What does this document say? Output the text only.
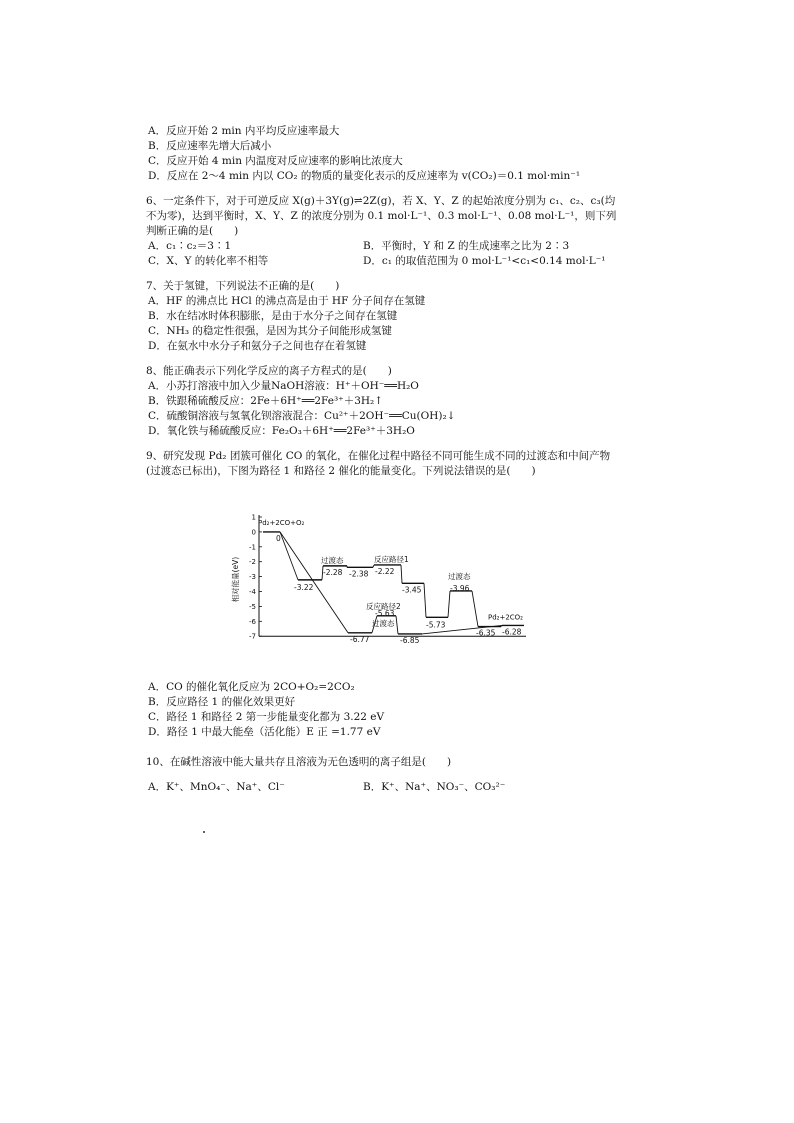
A．反应开始 2 min 内平均反应速率最大
B．反应速率先增大后减小
C．反应开始 4 min 内温度对反应速率的影响比浓度大
D．反应在 2～4 min 内以 CO₂ 的物质的量变化表示的反应速率为 v(CO₂)＝0.1 mol·min⁻¹
6、一定条件下，对于可逆反应 X(g)＋3Y(g)⇌2Z(g)，若 X、Y、Z 的起始浓度分别为 c₁、c₂、c₃(均
不为零)，达到平衡时，X、Y、Z 的浓度分别为 0.1 mol·L⁻¹、0.3 mol·L⁻¹、0.08 mol·L⁻¹，则下列
判断正确的是(　　)
A．c₁∶c₂＝3∶1	B．平衡时，Y 和 Z 的生成速率之比为 2∶3
C．X、Y 的转化率不相等	D．c₁ 的取值范围为 0 mol·L⁻¹<c₁<0.14 mol·L⁻¹
7、关于氢键，下列说法不正确的是(　　)
A．HF 的沸点比 HCl 的沸点高是由于 HF 分子间存在氢键
B．水在结冰时体积膨胀，是由于水分子之间存在氢键
C．NH₃ 的稳定性很强，是因为其分子间能形成氢键
D．在氨水中水分子和氨分子之间也存在着氢键
8、能正确表示下列化学反应的离子方程式的是(　　)
A．小苏打溶液中加入少量NaOH溶液：H⁺＋OH⁻══H₂O
B．铁跟稀硫酸反应：2Fe＋6H⁺══2Fe³⁺＋3H₂↑
C．硫酸铜溶液与氢氧化钡溶液混合：Cu²⁺＋2OH⁻══Cu(OH)₂↓
D．氧化铁与稀硫酸反应：Fe₂O₃＋6H⁺══2Fe³⁺＋3H₂O
9、研究发现 Pd₂ 团簇可催化 CO 的氧化，在催化过程中路径不同可能生成不同的过渡态和中间产物
(过渡态已标出)，下图为路径 1 和路径 2 催化的能量变化。下列说法错误的是(　　)
1
0
-1
-2
-3
-4
-5
-6
-7
相对能量(eV)
Pd₂+2CO+O₂
0
-3.22
过渡态
-2.28 -2.38
反应路径1
-2.22
-3.45
-5.73
过渡态
-3.96
Pd₂+2CO₂
-6.35 -6.28
反应路径2
-5.63
过渡态
-6.77	-6.85
A．CO 的催化氧化反应为 2CO+O₂=2CO₂
B．反应路径 1 的催化效果更好
C．路径 1 和路径 2 第一步能量变化都为 3.22 eV
D．路径 1 中最大能垒（活化能）E 正 =1.77 eV
10、在碱性溶液中能大量共存且溶液为无色透明的离子组是(　　)
A．K⁺、MnO₄⁻、Na⁺、Cl⁻	B．K⁺、Na⁺、NO₃⁻、CO₃²⁻
